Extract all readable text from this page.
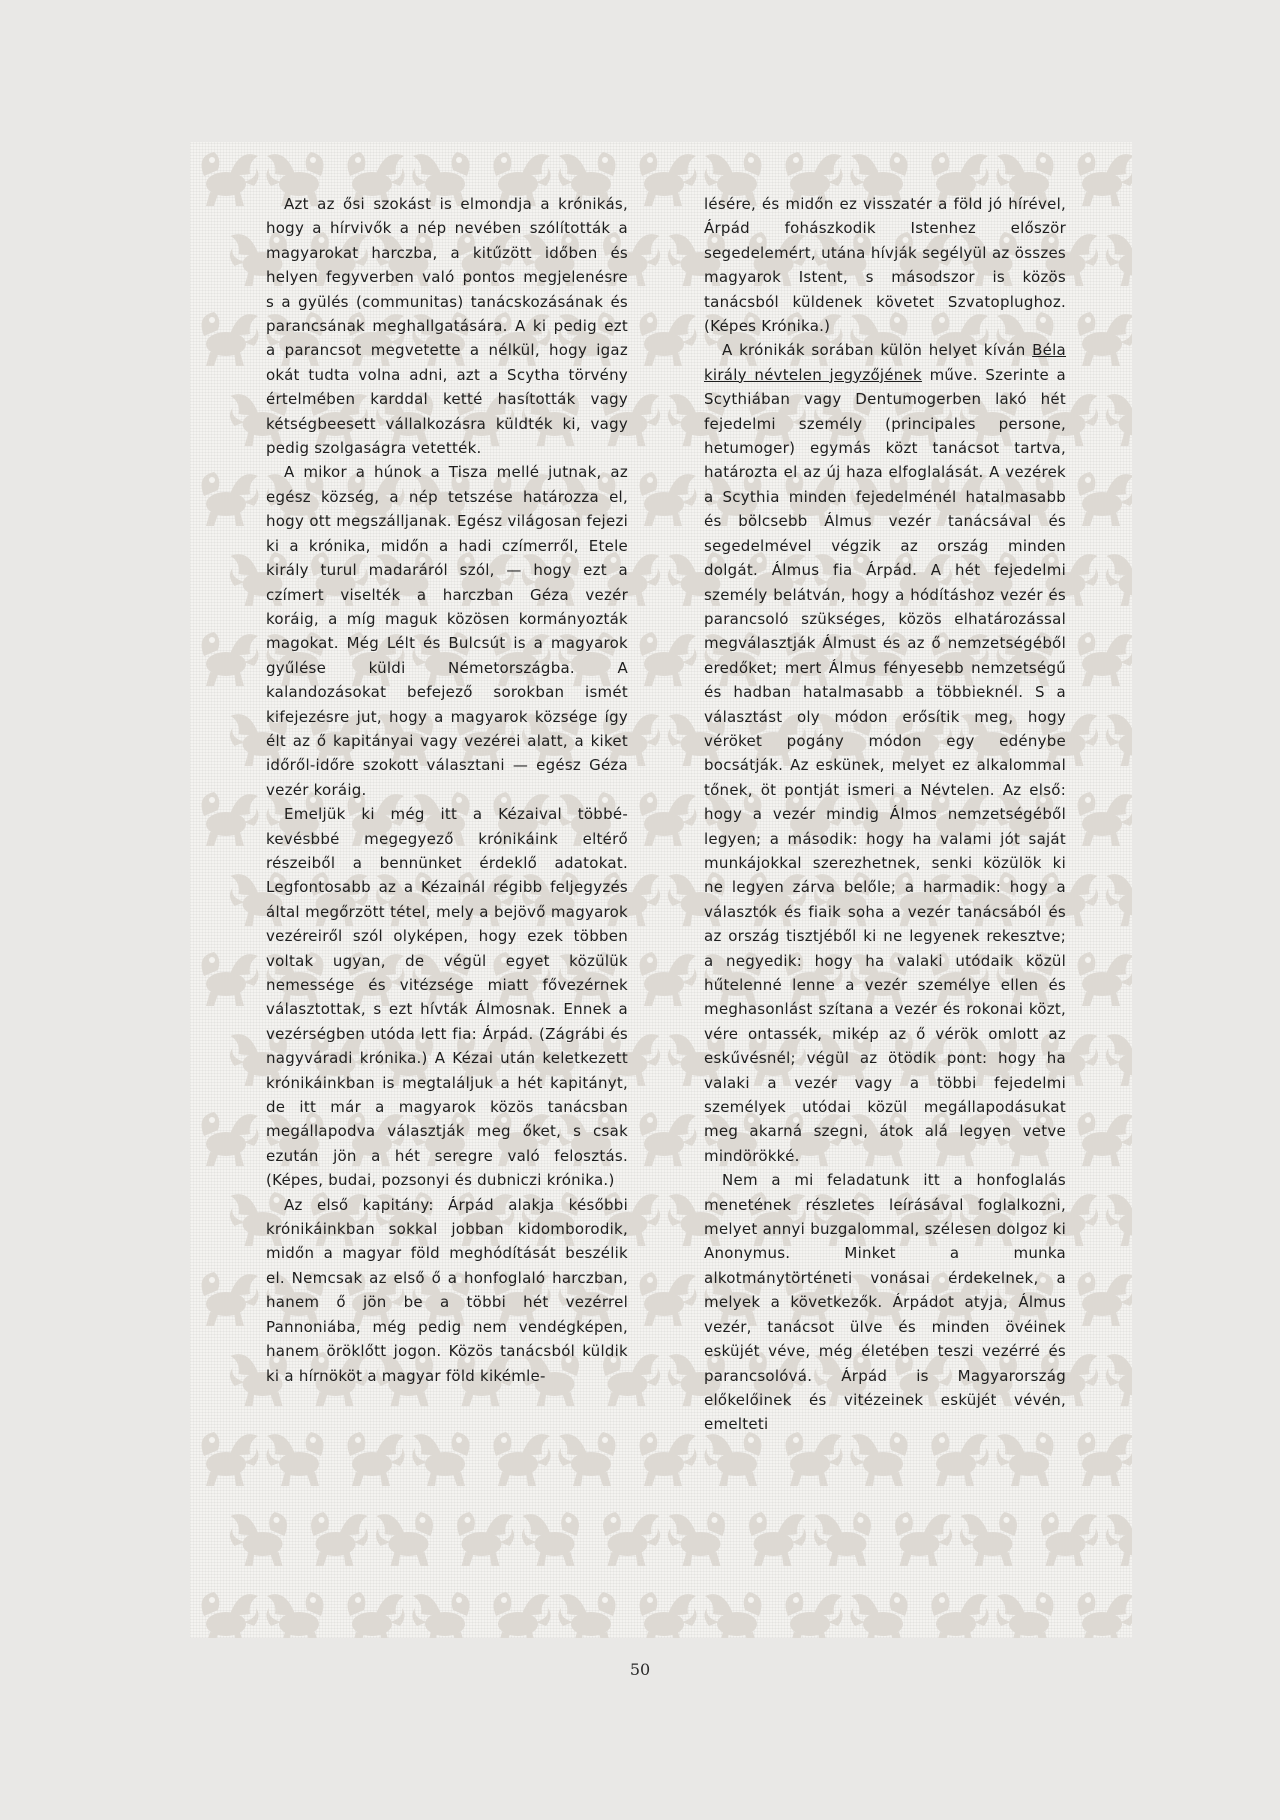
Azt az ősi szokást is elmondja a krónikás, hogy a hírvivők a nép nevében szólították a magyarokat harczba, a kitűzött időben és helyen fegyverben való pontos megjelenésre s a gyülés (communitas) tanácskozásának és parancsának meghallgatására. A ki pedig ezt a parancsot megvetette a nélkül, hogy igaz okát tudta volna adni, azt a Scytha törvény értelmében karddal ketté hasították vagy kétségbeesett vállalkozásra küldték ki, vagy pedig szolgaságra vetették.

A mikor a húnok a Tisza mellé jutnak, az egész község, a nép tetszése határozza el, hogy ott megszálljanak. Egész világosan fejezi ki a krónika, midőn a hadi czímerről, Etele király turul madaráról szól, — hogy ezt a czímert viselték a harczban Géza vezér koráig, a míg maguk közösen kormányozták magokat. Még Lélt és Bulcsút is a magyarok gyűlése küldi Németországba. A kalandozásokat befejező sorokban ismét kifejezésre jut, hogy a magyarok községe így élt az ő kapitányai vagy vezérei alatt, a kiket időről-időre szokott választani — egész Géza vezér koráig.

Emeljük ki még itt a Kézaival többé-kevésbbé megegyező krónikáink eltérő részeiből a bennünket érdeklő adatokat. Legfontosabb az a Kézainál régibb feljegyzés által megőrzött tétel, mely a bejövő magyarok vezéreiről szól olyképen, hogy ezek többen voltak ugyan, de végül egyet közülük nemessége és vitézsége miatt fővezérnek választottak, s ezt hívták Álmosnak. Ennek a vezérségben utóda lett fia: Árpád. (Zágrábi és nagyváradi krónika.) A Kézai után keletkezett krónikáinkban is megtaláljuk a hét kapitányt, de itt már a magyarok közös tanácsban megállapodva választják meg őket, s csak ezután jön a hét seregre való felosztás. (Képes, budai, pozsonyi és dubniczi krónika.)

Az első kapitány: Árpád alakja későbbi krónikáinkban sokkal jobban kidomborodik, midőn a magyar föld meghódítását beszélik el. Nemcsak az első ő a honfoglaló harczban, hanem ő jön be a többi hét vezérrel Pannoniába, még pedig nem vendégképen, hanem öröklőtt jogon. Közös tanácsból küldik ki a hírnököt a magyar föld kikémle-

lésére, és midőn ez visszatér a föld jó hírével, Árpád fohászkodik Istenhez először segedelemért, utána hívják segélyül az összes magyarok Istent, s másodszor is közös tanácsból küldenek követet Szvatoplughoz. (Képes Krónika.)

A krónikák sorában külön helyet kíván Béla király névtelen jegyzőjének műve. Szerinte a Scythiában vagy Dentumogerben lakó hét fejedelmi személy (principales persone, hetumoger) egymás közt tanácsot tartva, határozta el az új haza elfoglalását. A vezérek a Scythia minden fejedelménél hatalmasabb és bölcsebb Álmus vezér tanácsával és segedelmével végzik az ország minden dolgát. Álmus fia Árpád. A hét fejedelmi személy belátván, hogy a hódításhoz vezér és parancsoló szükséges, közös elhatározással megválasztják Álmust és az ő nemzetségéből eredőket; mert Álmus fényesebb nemzetségű és hadban hatalmasabb a többieknél. S a választást oly módon erősítik meg, hogy véröket pogány módon egy edénybe bocsátják. Az eskünek, melyet ez alkalommal tőnek, öt pontját ismeri a Névtelen. Az első: hogy a vezér mindig Álmos nemzetségéből legyen; a második: hogy ha valami jót saját munkájokkal szerezhetnek, senki közülök ki ne legyen zárva belőle; a harmadik: hogy a választók és fiaik soha a vezér tanácsából és az ország tisztjéből ki ne legyenek rekesztve; a negyedik: hogy ha valaki utódaik közül hűtelenné lenne a vezér személye ellen és meghasonlást szítana a vezér és rokonai közt, vére ontassék, mikép az ő vérök omlott az eskűvésnél; végül az ötödik pont: hogy ha valaki a vezér vagy a többi fejedelmi személyek utódai közül megállapodásukat meg akarná szegni, átok alá legyen vetve mindörökké.

Nem a mi feladatunk itt a honfoglalás menetének részletes leírásával foglalkozni, melyet annyi buzgalommal, szélesen dolgoz ki Anonymus. Minket a munka alkotmánytörténeti vonásai érdekelnek, a melyek a következők. Árpádot atyja, Álmus vezér, tanácsot ülve és minden övéinek esküjét véve, még életében teszi vezérré és parancsolóvá. Árpád is Magyarország előkelőinek és vitézeinek esküjét vévén, emelteti

50
